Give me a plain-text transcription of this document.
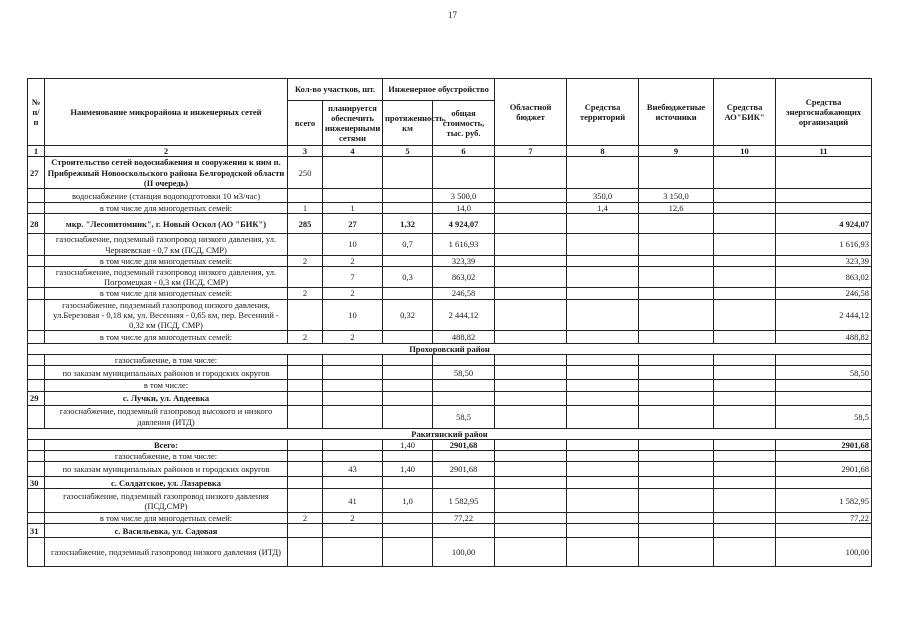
17
№ п/п	Наименование микрорайона и инженерных сетей	Кол-во участков, шт.		Инженерное обустройство		Областной бюджет	Средства территорий	Внебюджетные источники	Средства АО"БИК"	Средства энергоснабжающих организаций
		всего	планируется обеспечить инженерными сетями	протяженность, км	общая стоимость, тыс. руб.					
1	2	3	4	5	6	7	8	9	10	11
27	Строительство сетей водоснабжения и сооружения к ним п. Прибрежный Новооскольского района Белгородской области (II очередь)	250								
	водоснабжение (станция водоподготовки 10 м3/час)				3 500,0		350,0	3 150,0		
	в том числе для многодетных семей:	1	1		14,0		1,4	12,6		
28	мкр. "Лесопитомник", г. Новый Оскол (АО "БИК")	285	27	1,32	4 924,07					4 924,07
	газоснабжение, подземный газопровод низкого давления, ул. Черняевская - 0,7 км (ПСД, СМР)		10	0,7	1 616,93					1 616,93
	в том числе для многодетных семей:	2	2		323,39					323,39
	газоснабжение, подземный газопровод низкого давления, ул. Погромецкая - 0,3 км (ПСД, СМР)		7	0,3	863,02					863,02
	в том числе для многодетных семей:	2	2		246,58					246,58
	газоснабжение, подземный газопровод низкого давления, ул.Березовая - 0,18 км, ул. Весенняя - 0,65 км, пер. Весенний - 0,32 км (ПСД, СМР)		10	0,32	2 444,12					2 444,12
	в том числе для многодетных семей:	2	2		488,82					488,82
Прохоровский район										
	газоснабжение, в том числе:									
	по заказам муниципальных районов и городских округов				58,50					58,50
	в том числе:									
29	с. Лучки, ул. Авдеевка									
	газоснабжение, подземный газопровод высокого и низкого давления (ИТД)				58,5					58,5
Ракитянский район										
	Всего:			1,40	2901,68					2901,68
	газоснабжение, в том числе:									
	по заказам муниципальных районов и городских округов		43	1,40	2901,68					2901,68
30	с. Солдатское, ул. Лазаревка									
	газоснабжение, подземный газопровод низкого давления (ПСД,СМР)		41	1,0	1 582,95					1 582,95
	в том числе для многодетных семей:	2	2		77,22					77,22
31	с. Васильевка, ул. Садовая									
	газоснабжение, подземный газопровод низкого давления (ИТД)				100,00					100,00
